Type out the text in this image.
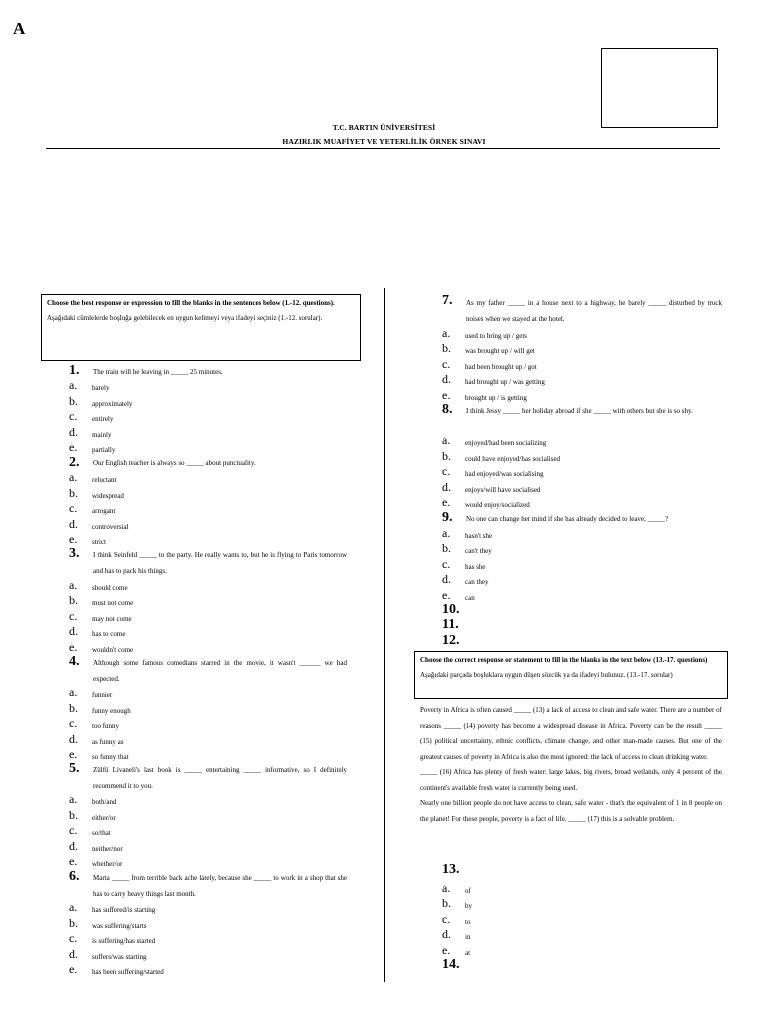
A
T.C. BARTIN ÜNİVERSİTESİ
HAZIRLIK MUAFİYET VE YETERLİLİK ÖRNEK SINAVI
Choose the best response or expression to fill the blanks in the sentences below (1.-12. questions).
Aşağıdaki cümlelerde boşluğa gelebilecek en uygun kelimeyi veya ifadeyi seçiniz (1.-12. sorular).
Choose the correct response or statement to fill in the blanks in the text below (13.-17. questions)
Aşağıdaki parçada boşluklara uygun düşen sözcük ya da ifadeyi bulunuz. (13.-17. sorular)
1. The train will be leaving in _____ 25 minutes.
a.	barely
b.	approximately
c.	entirely
d.	mainly
e.	partially
2. Our English teacher is always so _____ about punctuality.
a.	reluctant
b.	widespread
c.	arrogant
d.	controversial
e.	strict
3. I think Seinfeld _____ to the party. He really wants to, but he is flying to Paris tomorrow and has to pack his things.
a.	should come
b.	must not come
c.	may not come
d.	has to come
e.	wouldn't come
4. Although some famous comedians starred in the movie, it wasn't ______ we had expected.
a.	funnier
b.	funny enough
c.	too funny
d.	as funny as
e.	so funny that
5. Zülfü Livaneli's last book is _____ entertaining _____ informative, so I definitely recommend it to you.
a.	both/and
b.	either/or
c.	so/that
d.	neither/nor
e.	whether/or
6. Marta _____ from terrible back ache lately, because she _____ to work in a shop that she has to carry heavy things last month.
a.	has suffered/is starting
b.	was suffering/starts
c.	is suffering/has started
d.	suffers/was starting
e.	has been suffering/started
7. As my father _____ in a house next to a highway, he barely _____ disturbed by truck noises when we stayed at the hotel.
a.	used to bring up / gets
b.	was brought up / will get
c.	had been brought up / got
d.	had brought up / was getting
e.	brought up / is getting
8. I think Jessy _____ her holiday abroad if she _____ with others but she is so shy.
a.	enjoyed/had been socializing
b.	could have enjoyed/has socialised
c.	had enjoyed/was socialising
d.	enjoys/will have socialised
e.	would enjoy/socialized
9. No one can change her mind if she has already decided to leave, _____?
a.	hasn't she
b.	can't they
c.	has she
d.	can they
e.	can
10.
11.
12.
13.
a.	of
b.	by
c.	to
d.	in
e.	at
14.

Poverty in Africa is often caused _____ (13) a lack of access to clean and safe water. There are a number of reasons _____ (14) poverty has become a widespread disease in Africa. Poverty can be the result _____ (15) political uncertainty, ethnic conflicts, climate change, and other man-made causes. But one of the greatest causes of poverty in Africa is also the most ignored: the lack of access to clean drinking water.

_____ (16) Africa has plenty of fresh water: large lakes, big rivers, broad wetlands, only 4 percent of the continent's available fresh water is currently being used.

Nearly one billion people do not have access to clean, safe water - that's the equivalent of 1 in 8 people on the planet! For these people, poverty is a fact of life. _____ (17) this is a solvable problem.
